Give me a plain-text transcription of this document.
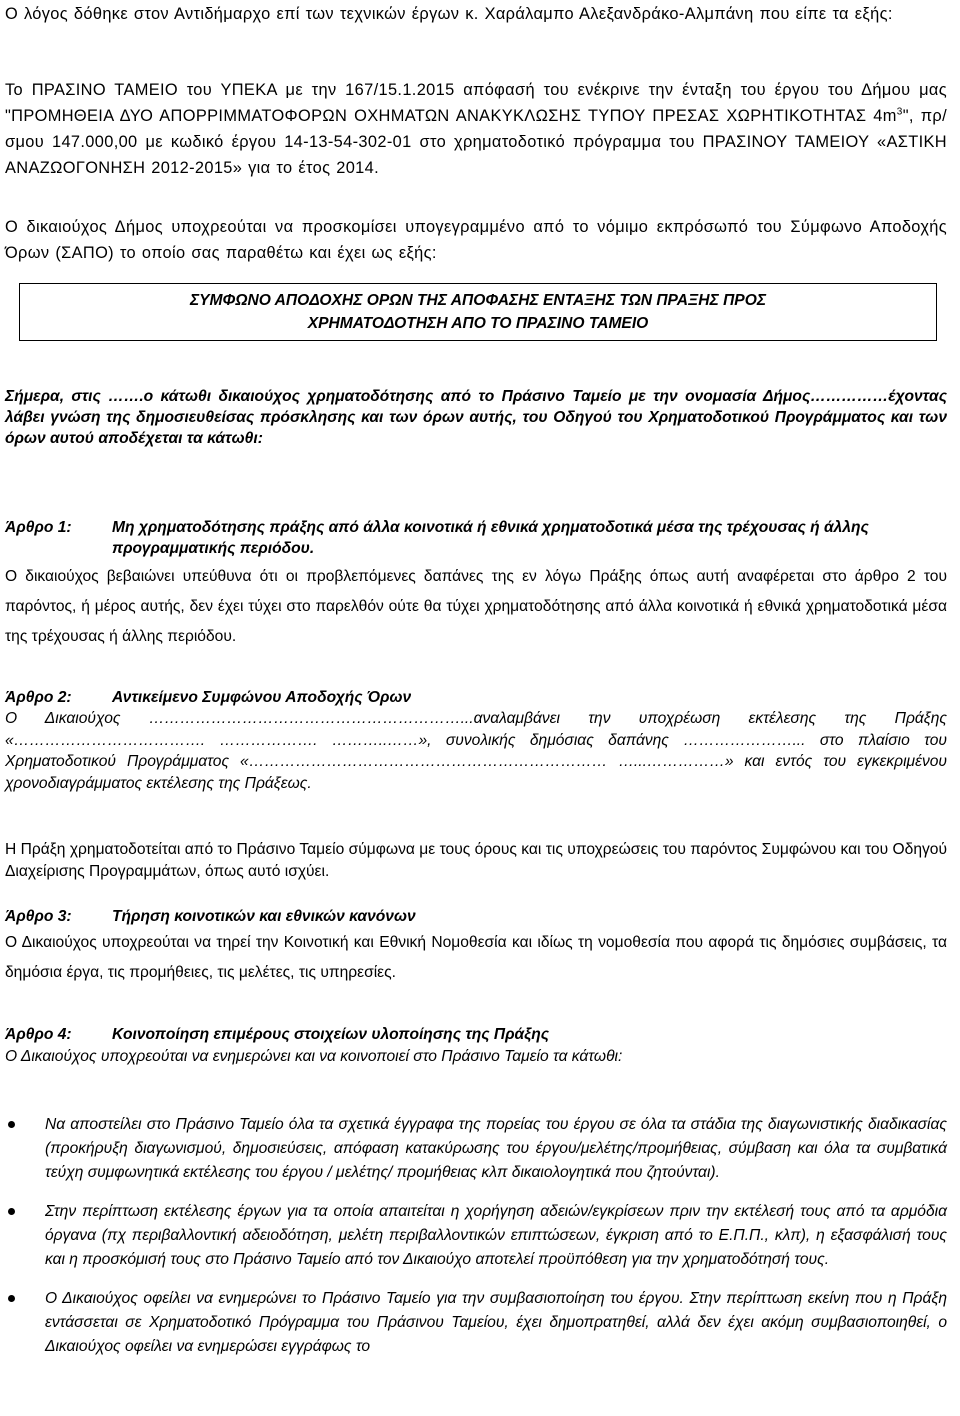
Ο λόγος δόθηκε στον Αντιδήμαρχο επί των τεχνικών έργων κ. Χαράλαμπο Αλεξανδράκο-Αλμπάνη που είπε τα εξής:

Το ΠΡΑΣΙΝΟ ΤΑΜΕΙΟ του ΥΠΕΚΑ με την 167/15.1.2015 απόφασή του ενέκρινε την ένταξη του έργου του Δήμου μας "ΠΡΟΜΗΘΕΙΑ ΔΥΟ ΑΠΟΡΡΙΜΜΑΤΟΦΟΡΩΝ ΟΧΗΜΑΤΩΝ ΑΝΑΚΥΚΛΩΣΗΣ ΤΥΠΟΥ ΠΡΕΣΑΣ ΧΩΡΗΤΙΚΟΤΗΤΑΣ $4m^3$", πρ/σμου 147.000,00 με κωδικό έργου 14-13-54-302-01 στο χρηματοδοτικό πρόγραμμα του ΠΡΑΣΙΝΟΥ ΤΑΜΕΙΟΥ «ΑΣΤΙΚΗ ΑΝΑΖΩΟΓΟΝΗΣΗ 2012-2015» για το έτος 2014.

Ο δικαιούχος Δήμος υποχρεούται να προσκομίσει υπογεγραμμένο από το νόμιμο εκπρόσωπό του Σύμφωνο Αποδοχής Όρων (ΣΑΠΟ) το οποίο σας παραθέτω και έχει ως εξής:

ΣΥΜΦΩΝΟ ΑΠΟΔΟΧΗΣ ΟΡΩΝ ΤΗΣ ΑΠΟΦΑΣΗΣ ΕΝΤΑΞΗΣ ΤΩΝ ΠΡΑΞΗΣ ΠΡΟΣ
ΧΡΗΜΑΤΟΔΟΤΗΣΗ ΑΠΟ ΤΟ ΠΡΑΣΙΝΟ ΤΑΜΕΙΟ

Σήμερα, στις …….o κάτωθι δικαιούχος χρηματοδότησης από το Πράσινο Ταμείο με την ονομασία Δήμος……………έχοντας λάβει γνώση της δημοσιευθείσας πρόσκλησης και των όρων αυτής, του Οδηγού του Χρηματοδοτικού Προγράμματος και των όρων αυτού αποδέχεται τα κάτωθι:

Άρθρο 1:	Μη χρηματοδότησης πράξης από άλλα κοινοτικά ή εθνικά χρηματοδοτικά μέσα της τρέχουσας ή άλλης προγραμματικής περιόδου.

Ο δικαιούχος βεβαιώνει υπεύθυνα ότι οι προβλεπόμενες δαπάνες της εν λόγω Πράξης όπως αυτή αναφέρεται στο άρθρο 2 του παρόντος, ή μέρος αυτής, δεν έχει τύχει στο παρελθόν ούτε θα τύχει χρηματοδότησης από άλλα κοινοτικά ή εθνικά χρηματοδοτικά μέσα της τρέχουσας ή άλλης περιόδου.

Άρθρο 2:	Αντικείμενο Συμφώνου Αποδοχής Όρων

Ο Δικαιούχος ……………………………………………………...αναλαμβάνει την υποχρέωση εκτέλεσης της Πράξης «………………………………. ………………. ………..……», συνολικής δημόσιας δαπάνης …………………... στο πλαίσιο του Χρηματοδοτικού Προγράμματος «…………………………………………………………… …...……………» και εντός του εγκεκριμένου χρονοδιαγράμματος εκτέλεσης της Πράξεως.

Η Πράξη χρηματοδοτείται από το Πράσινο Ταμείο σύμφωνα με τους όρους και τις υποχρεώσεις του παρόντος Συμφώνου και του Οδηγού Διαχείρισης Προγραμμάτων, όπως αυτό ισχύει.

Άρθρο 3:	Τήρηση κοινοτικών και εθνικών κανόνων

Ο Δικαιούχος υποχρεούται να τηρεί την Κοινοτική και Εθνική Νομοθεσία και ιδίως τη νομοθεσία που αφορά τις δημόσιες συμβάσεις, τα δημόσια έργα, τις προμήθειες, τις μελέτες, τις υπηρεσίες.

Άρθρο 4:	Κοινοποίηση επιμέρους στοιχείων υλοποίησης της Πράξης

Ο Δικαιούχος υποχρεούται να ενημερώνει και να κοινοποιεί στο Πράσινο Ταμείο τα κάτωθι:

Να αποστείλει στο Πράσινο Ταμείο όλα τα σχετικά έγγραφα της πορείας του έργου σε όλα τα στάδια της διαγωνιστικής διαδικασίας (προκήρυξη διαγωνισμού, δημοσιεύσεις, απόφαση κατακύρωσης του έργου/μελέτης/προμήθειας, σύμβαση και όλα τα συμβατικά τεύχη συμφωνητικά εκτέλεσης του έργου / μελέτης/ προμήθειας κλπ δικαιολογητικά που ζητούνται).
Στην περίπτωση εκτέλεσης έργων για τα οποία απαιτείται η χορήγηση αδειών/εγκρίσεων πριν την εκτέλεσή τους από τα αρμόδια όργανα (πχ περιβαλλοντική αδειοδότηση, μελέτη περιβαλλοντικών επιπτώσεων, έγκριση από το Ε.Π.Π., κλπ), η εξασφάλισή τους και η προσκόμισή τους στο Πράσινο Ταμείο από τον Δικαιούχο αποτελεί προϋπόθεση για την χρηματοδότησή τους.
Ο Δικαιούχος οφείλει να ενημερώνει το Πράσινο Ταμείο για την συμβασιοποίηση του έργου. Στην περίπτωση εκείνη που η Πράξη εντάσσεται σε Χρηματοδοτικό Πρόγραμμα του Πράσινου Ταμείου, έχει δημοπρατηθεί, αλλά δεν έχει ακόμη συμβασιοποιηθεί, ο Δικαιούχος οφείλει να ενημερώσει εγγράφως το
